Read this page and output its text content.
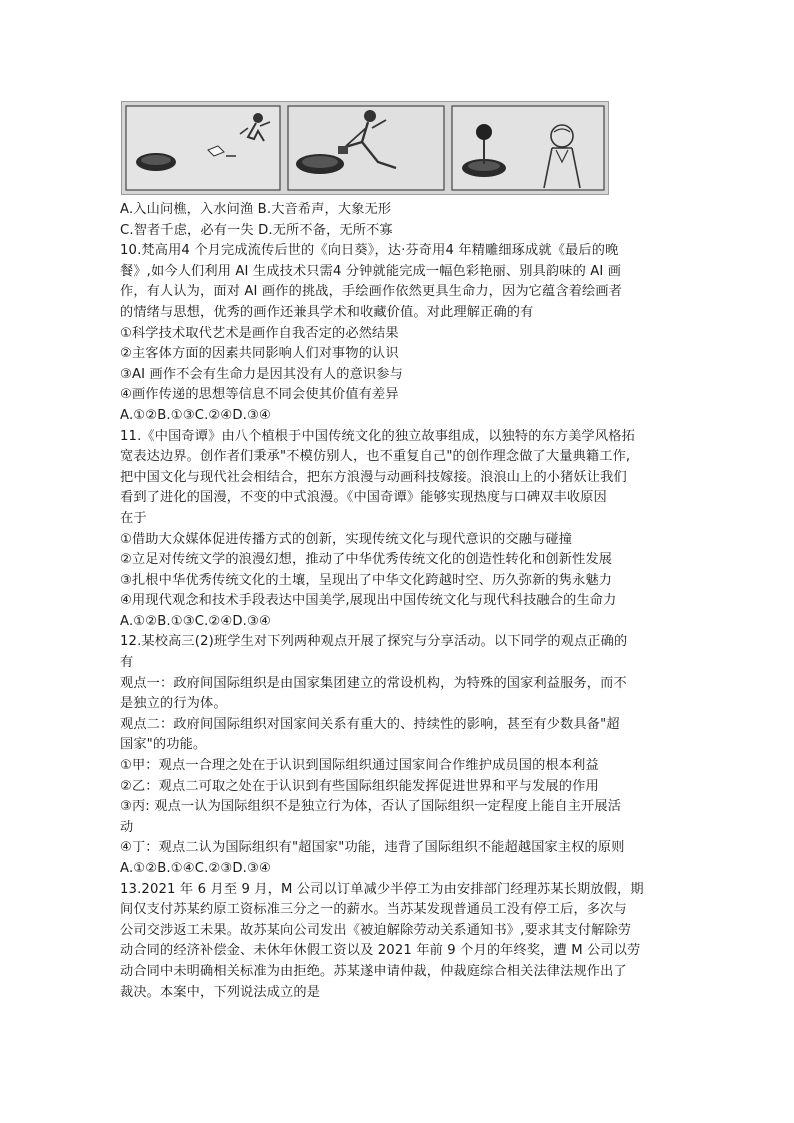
A.入山问樵，入水问渔 B.大音希声，大象无形
C.智者千虑，必有一失 D.无所不备，无所不寡
10.梵高用4 个月完成流传后世的《向日葵》，达·芬奇用4 年精雕细琢成就《最后的晚
餐》,如今人们利用 AI 生成技术只需4 分钟就能完成一幅色彩艳丽、别具韵味的 AI 画
作，有人认为，面对 AI 画作的挑战，手绘画作依然更具生命力，因为它蕴含着绘画者
的情绪与思想，优秀的画作还兼具学术和收藏价值。对此理解正确的有
①科学技术取代艺术是画作自我否定的必然结果
②主客体方面的因素共同影响人们对事物的认识
③AI 画作不会有生命力是因其没有人的意识参与
④画作传递的思想等信息不同会使其价值有差异
A.①②B.①③C.②④D.③④
11.《中国奇谭》由八个植根于中国传统文化的独立故事组成，以独特的东方美学风格拓
宽表达边界。创作者们秉承"不模仿别人，也不重复自己"的创作理念做了大量典籍工作,
把中国文化与现代社会相结合，把东方浪漫与动画科技嫁接。浪浪山上的小猪妖让我们
看到了进化的国漫，不变的中式浪漫。《中国奇谭》能够实现热度与口碑双丰收原因
在于
①借助大众媒体促进传播方式的创新，实现传统文化与现代意识的交融与碰撞
②立足对传统文学的浪漫幻想，推动了中华优秀传统文化的创造性转化和创新性发展
③扎根中华优秀传统文化的土壤，呈现出了中华文化跨越时空、历久弥新的隽永魅力
④用现代观念和技术手段表达中国美学,展现出中国传统文化与现代科技融合的生命力
A.①②B.①③C.②④D.③④
12.某校高三(2)班学生对下列两种观点开展了探究与分享活动。以下同学的观点正确的
有
观点一：政府间国际组织是由国家集团建立的常设机构，为特殊的国家利益服务，而不
是独立的行为体。
观点二：政府间国际组织对国家间关系有重大的、持续性的影响，甚至有少数具备"超
国家"的功能。
①甲：观点一合理之处在于认识到国际组织通过国家间合作维护成员国的根本利益
②乙：观点二可取之处在于认识到有些国际组织能发挥促进世界和平与发展的作用
③丙: 观点一认为国际组织不是独立行为体，否认了国际组织一定程度上能自主开展活
动
④丁：观点二认为国际组织有"超国家"功能，违背了国际组织不能超越国家主权的原则
A.①②B.①④C.②③D.③④
13.2021 年 6 月至 9 月，M 公司以订单减少半停工为由安排部门经理苏某长期放假，期
间仅支付苏某约原工资标准三分之一的薪水。当苏某发现普通员工没有停工后，多次与
公司交涉返工未果。故苏某向公司发出《被迫解除劳动关系通知书》,要求其支付解除劳
动合同的经济补偿金、未休年休假工资以及 2021 年前 9 个月的年终奖，遭 M 公司以劳
动合同中未明确相关标准为由拒绝。苏某遂申请仲裁，仲裁庭综合相关法律法规作出了
裁决。本案中，下列说法成立的是
